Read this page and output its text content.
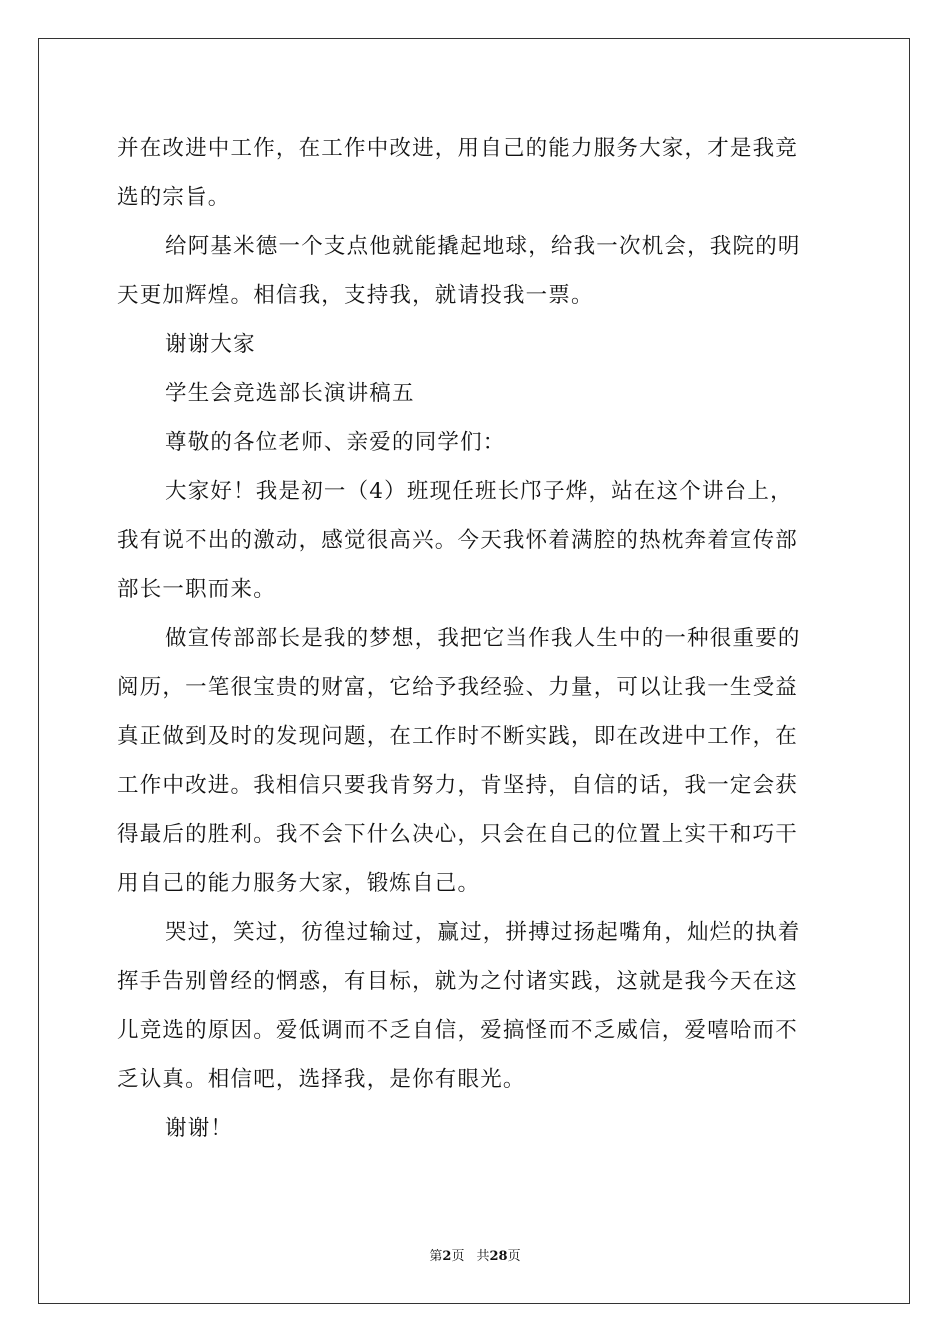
并在改进中工作，在工作中改进，用自己的能力服务大家，才是我竞
选的宗旨。
给阿基米德一个支点他就能撬起地球，给我一次机会，我院的明
天更加辉煌。相信我，支持我，就请投我一票。
谢谢大家
学生会竞选部长演讲稿五
尊敬的各位老师、亲爱的同学们：
大家好！我是初一（4）班现任班长邝子烨，站在这个讲台上，
我有说不出的激动，感觉很高兴。今天我怀着满腔的热枕奔着宣传部
部长一职而来。
做宣传部部长是我的梦想，我把它当作我人生中的一种很重要的
阅历，一笔很宝贵的财富，它给予我经验、力量，可以让我一生受益
真正做到及时的发现问题，在工作时不断实践，即在改进中工作，在
工作中改进。我相信只要我肯努力，肯坚持，自信的话，我一定会获
得最后的胜利。我不会下什么决心，只会在自己的位置上实干和巧干
用自己的能力服务大家，锻炼自己。
哭过，笑过，彷徨过输过，赢过，拼搏过扬起嘴角，灿烂的执着
挥手告别曾经的惘惑，有目标，就为之付诸实践，这就是我今天在这
儿竞选的原因。爱低调而不乏自信，爱搞怪而不乏威信，爱嘻哈而不
乏认真。相信吧，选择我，是你有眼光。
谢谢！
第2页 共28页
